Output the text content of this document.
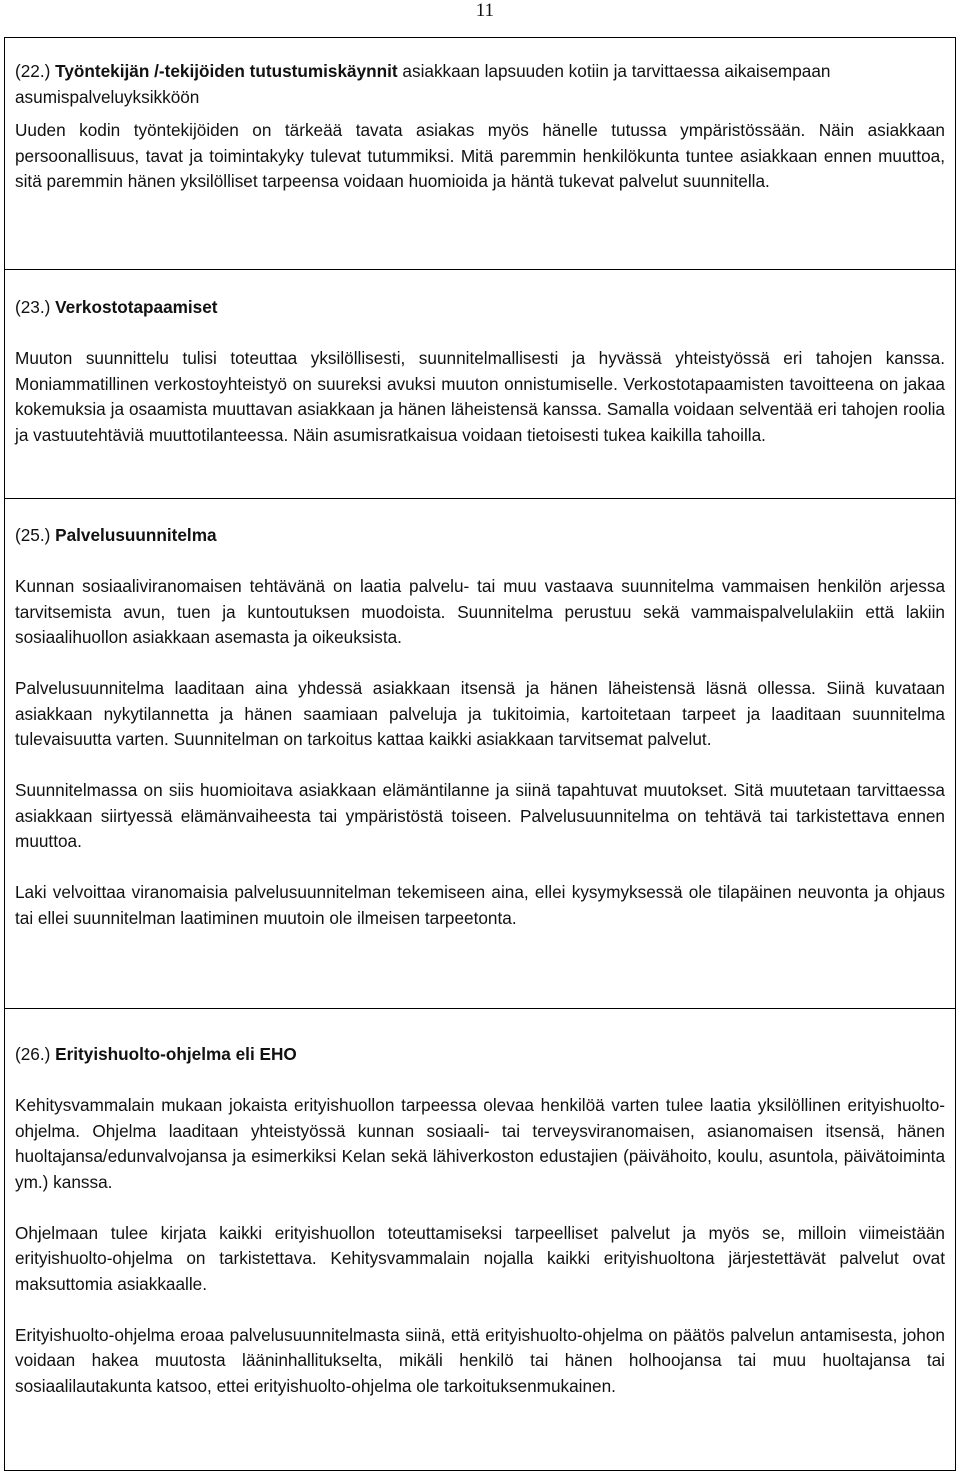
11

(22.) Työntekijän /-tekijöiden tutustumiskäynnit asiakkaan lapsuuden kotiin ja tarvittaessa aikaisempaan asumispalveluyksikköön

Uuden kodin työntekijöiden on tärkeää tavata asiakas myös hänelle tutussa ympäristössään. Näin asiakkaan persoonallisuus, tavat ja toimintakyky tulevat tutummiksi. Mitä paremmin henkilökunta tuntee asiakkaan ennen muuttoa, sitä paremmin hänen yksilölliset tarpeensa voidaan huomioida ja häntä tukevat palvelut suunnitella.

(23.) Verkostotapaamiset

Muuton suunnittelu tulisi toteuttaa yksilöllisesti, suunnitelmallisesti ja hyvässä yhteistyössä eri tahojen kanssa. Moniammatillinen verkostoyhteistyö on suureksi avuksi muuton onnistumiselle. Verkostotapaamisten tavoitteena on jakaa kokemuksia ja osaamista muuttavan asiakkaan ja hänen läheistensä kanssa. Samalla voidaan selventää eri tahojen roolia ja vastuutehtäviä muuttotilanteessa. Näin asumisratkaisua voidaan tietoisesti tukea kaikilla tahoilla.

(25.) Palvelusuunnitelma

Kunnan sosiaaliviranomaisen tehtävänä on laatia palvelu- tai muu vastaava suunnitelma vammaisen henkilön arjessa tarvitsemista avun, tuen ja kuntoutuksen muodoista. Suunnitelma perustuu sekä vammaispalvelulakiin että lakiin sosiaalihuollon asiakkaan asemasta ja oikeuksista.

Palvelusuunnitelma laaditaan aina yhdessä asiakkaan itsensä ja hänen läheistensä läsnä ollessa. Siinä kuvataan asiakkaan nykytilannetta ja hänen saamiaan palveluja ja tukitoimia, kartoitetaan tarpeet ja laaditaan suunnitelma tulevaisuutta varten. Suunnitelman on tarkoitus kattaa kaikki asiakkaan tarvitsemat palvelut.

Suunnitelmassa on siis huomioitava asiakkaan elämäntilanne ja siinä tapahtuvat muutokset. Sitä muutetaan tarvittaessa asiakkaan siirtyessä elämänvaiheesta tai ympäristöstä toiseen. Palvelusuunnitelma on tehtävä tai tarkistettava ennen muuttoa.

Laki velvoittaa viranomaisia palvelusuunnitelman tekemiseen aina, ellei kysymyksessä ole tilapäinen neuvonta ja ohjaus tai ellei suunnitelman laatiminen muutoin ole ilmeisen tarpeetonta.

(26.) Erityishuolto-ohjelma eli EHO

Kehitysvammalain mukaan jokaista erityishuollon tarpeessa olevaa henkilöä varten tulee laatia yksilöllinen erityishuolto-ohjelma. Ohjelma laaditaan yhteistyössä kunnan sosiaali- tai terveysviranomaisen, asianomaisen itsensä, hänen huoltajansa/edunvalvojansa ja esimerkiksi Kelan sekä lähiverkoston edustajien (päivähoito, koulu, asuntola, päivätoiminta ym.) kanssa.

Ohjelmaan tulee kirjata kaikki erityishuollon toteuttamiseksi tarpeelliset palvelut ja myös se, milloin viimeistään erityishuolto-ohjelma on tarkistettava. Kehitysvammalain nojalla kaikki erityishuoltona järjestettävät palvelut ovat maksuttomia asiakkaalle.

Erityishuolto-ohjelma eroaa palvelusuunnitelmasta siinä, että erityishuolto-ohjelma on päätös palvelun antamisesta, johon voidaan hakea muutosta lääninhallitukselta, mikäli henkilö tai hänen holhoojansa tai muu huoltajansa tai sosiaalilautakunta katsoo, ettei erityishuolto-ohjelma ole tarkoituksenmukainen.
